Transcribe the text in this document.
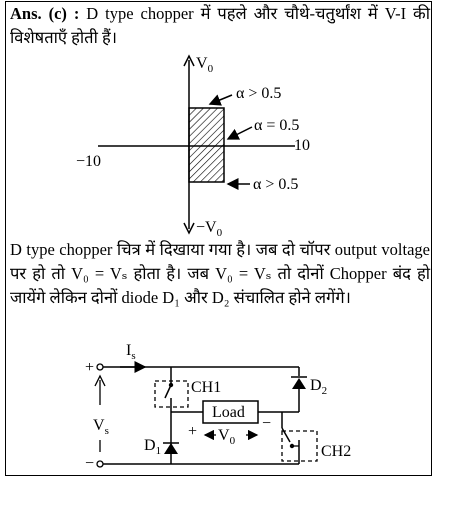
Ans. (c) : D type chopper में पहले और चौथे-चतुर्थांश में V-I की विशेषताएँ होती हैं।
D type chopper चित्र में दिखाया गया है। जब दो चॉपर output voltage पर हो तो V₀ = Vₛ होता है। जब V₀ = Vₛ तो दोनों Chopper बंद हो जायेंगे लेकिन दोनों diode D₁ और D₂ संचालित होने लगेंगे।
$V_0$
$-V_0$
10
−10
α > 0.5
α = 0.5
α > 0.5
$I_s$
+
−
$V_s$
CH1
$D_1$
Load
+	−
$V_0$
$D_2$
CH2
